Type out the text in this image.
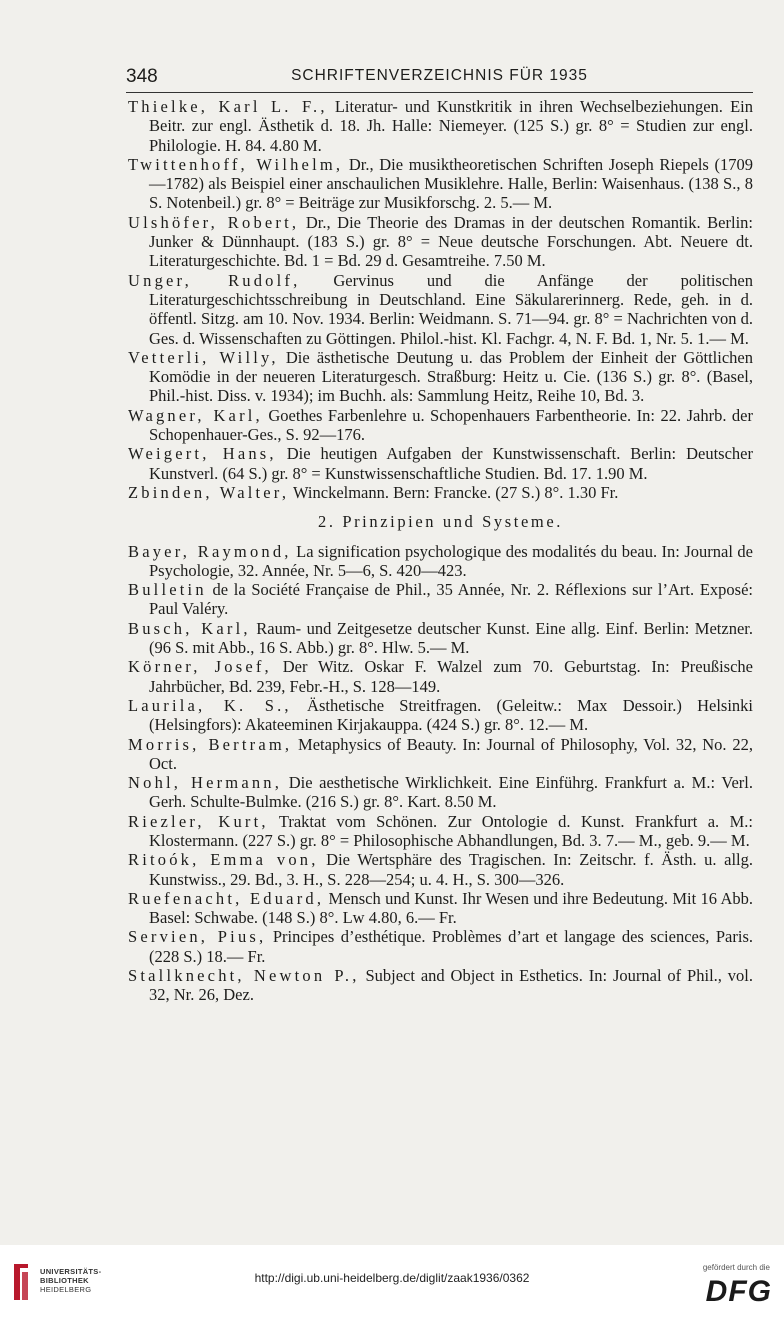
348	SCHRIFTENVERZEICHNIS FÜR 1935
Thielke, Karl L. F., Literatur- und Kunstkritik in ihren Wechselbeziehungen. Ein Beitr. zur engl. Ästhetik d. 18. Jh. Halle: Niemeyer. (125 S.) gr. 8° = Studien zur engl. Philologie. H. 84. 4.80 M.
Twittenhoff, Wilhelm, Dr., Die musiktheoretischen Schriften Joseph Riepels (1709—1782) als Beispiel einer anschaulichen Musiklehre. Halle, Berlin: Waisenhaus. (138 S., 8 S. Notenbeil.) gr. 8° = Beiträge zur Musikforschg. 2. 5.— M.
Ulshöfer, Robert, Dr., Die Theorie des Dramas in der deutschen Romantik. Berlin: Junker & Dünnhaupt. (183 S.) gr. 8° = Neue deutsche Forschungen. Abt. Neuere dt. Literaturgeschichte. Bd. 1 = Bd. 29 d. Gesamtreihe. 7.50 M.
Unger, Rudolf, Gervinus und die Anfänge der politischen Literaturgeschichtsschreibung in Deutschland. Eine Säkularerinnerg. Rede, geh. in d. öffentl. Sitzg. am 10. Nov. 1934. Berlin: Weidmann. S. 71—94. gr. 8° = Nachrichten von d. Ges. d. Wissenschaften zu Göttingen. Philol.-hist. Kl. Fachgr. 4, N. F. Bd. 1, Nr. 5. 1.— M.
Vetterli, Willy, Die ästhetische Deutung u. das Problem der Einheit der Göttlichen Komödie in der neueren Literaturgesch. Straßburg: Heitz u. Cie. (136 S.) gr. 8°. (Basel, Phil.-hist. Diss. v. 1934); im Buchh. als: Sammlung Heitz, Reihe 10, Bd. 3.
Wagner, Karl, Goethes Farbenlehre u. Schopenhauers Farbentheorie. In: 22. Jahrb. der Schopenhauer-Ges., S. 92—176.
Weigert, Hans, Die heutigen Aufgaben der Kunstwissenschaft. Berlin: Deutscher Kunstverl. (64 S.) gr. 8° = Kunstwissenschaftliche Studien. Bd. 17. 1.90 M.
Zbinden, Walter, Winckelmann. Bern: Francke. (27 S.) 8°. 1.30 Fr.
2. Prinzipien und Systeme.
Bayer, Raymond, La signification psychologique des modalités du beau. In: Journal de Psychologie, 32. Année, Nr. 5—6, S. 420—423.
Bulletin de la Société Française de Phil., 35 Année, Nr. 2. Réflexions sur l’Art. Exposé: Paul Valéry.
Busch, Karl, Raum- und Zeitgesetze deutscher Kunst. Eine allg. Einf. Berlin: Metzner. (96 S. mit Abb., 16 S. Abb.) gr. 8°. Hlw. 5.— M.
Körner, Josef, Der Witz. Oskar F. Walzel zum 70. Geburtstag. In: Preußische Jahrbücher, Bd. 239, Febr.-H., S. 128—149.
Laurila, K. S., Ästhetische Streitfragen. (Geleitw.: Max Dessoir.) Helsinki (Helsingfors): Akateeminen Kirjakauppa. (424 S.) gr. 8°. 12.— M.
Morris, Bertram, Metaphysics of Beauty. In: Journal of Philosophy, Vol. 32, No. 22, Oct.
Nohl, Hermann, Die aesthetische Wirklichkeit. Eine Einführg. Frankfurt a. M.: Verl. Gerh. Schulte-Bulmke. (216 S.) gr. 8°. Kart. 8.50 M.
Riezler, Kurt, Traktat vom Schönen. Zur Ontologie d. Kunst. Frankfurt a. M.: Klostermann. (227 S.) gr. 8° = Philosophische Abhandlungen, Bd. 3. 7.— M., geb. 9.— M.
Ritoók, Emma von, Die Wertsphäre des Tragischen. In: Zeitschr. f. Ästh. u. allg. Kunstwiss., 29. Bd., 3. H., S. 228—254; u. 4. H., S. 300—326.
Ruefenacht, Eduard, Mensch und Kunst. Ihr Wesen und ihre Bedeutung. Mit 16 Abb. Basel: Schwabe. (148 S.) 8°. Lw 4.80, 6.— Fr.
Servien, Pius, Principes d’esthétique. Problèmes d’art et langage des sciences, Paris. (228 S.) 18.— Fr.
Stallknecht, Newton P., Subject and Object in Esthetics. In: Journal of Phil., vol. 32, Nr. 26, Dez.
UNIVERSITÄTS-
BIBLIOTHEK
HEIDELBERG
http://digi.ub.uni-heidelberg.de/diglit/zaak1936/0362
gefördert durch die
DFG
